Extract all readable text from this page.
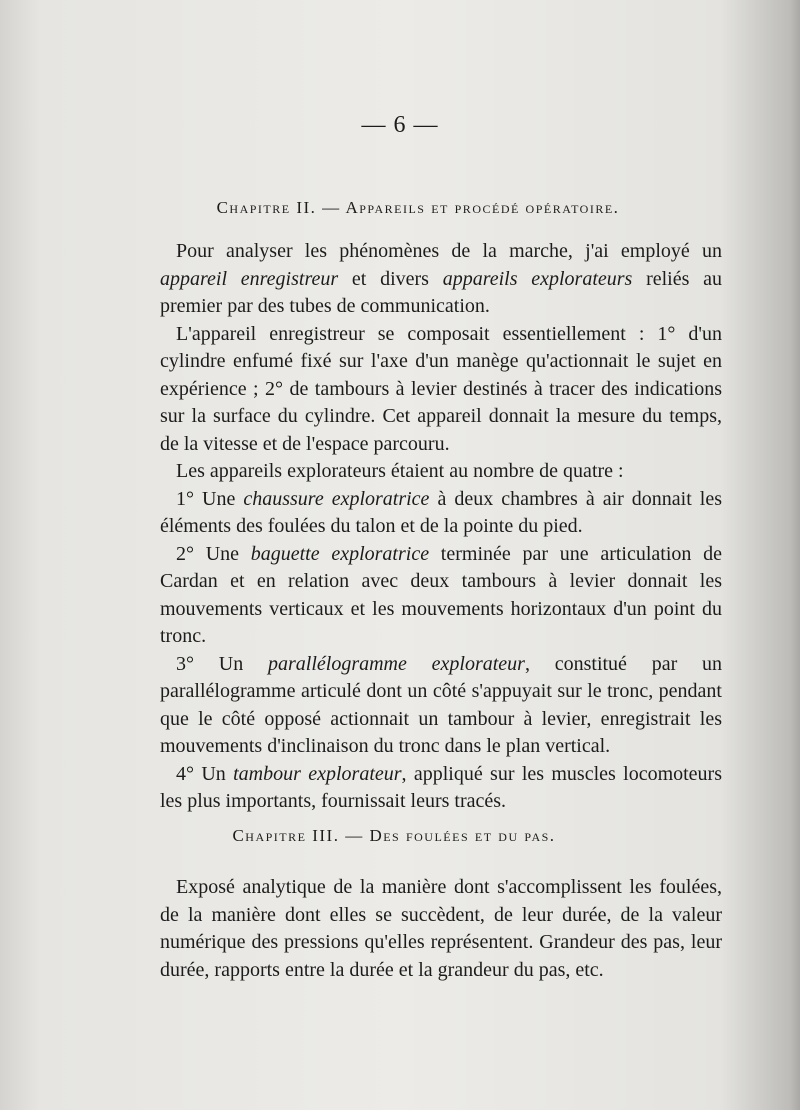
— 6 —
Chapitre II. — Appareils et procédé opératoire.

Pour analyser les phénomènes de la marche, j'ai employé un appareil enregistreur et divers appareils explorateurs reliés au premier par des tubes de communication.

L'appareil enregistreur se composait essentiellement : 1° d'un cylindre enfumé fixé sur l'axe d'un manège qu'actionnait le sujet en expérience ; 2° de tambours à levier destinés à tracer des indications sur la surface du cylindre. Cet appareil donnait la mesure du temps, de la vitesse et de l'espace parcouru.

Les appareils explorateurs étaient au nombre de quatre :

1° Une chaussure exploratrice à deux chambres à air donnait les éléments des foulées du talon et de la pointe du pied.

2° Une baguette exploratrice terminée par une articulation de Cardan et en relation avec deux tambours à levier donnait les mouvements verticaux et les mouvements horizontaux d'un point du tronc.

3° Un parallélogramme explorateur, constitué par un parallélogramme articulé dont un côté s'appuyait sur le tronc, pendant que le côté opposé actionnait un tambour à levier, enregistrait les mouvements d'inclinaison du tronc dans le plan vertical.

4° Un tambour explorateur, appliqué sur les muscles locomoteurs les plus importants, fournissait leurs tracés.

Chapitre III. — Des foulées et du pas.

Exposé analytique de la manière dont s'accomplissent les foulées, de la manière dont elles se succèdent, de leur durée, de la valeur numérique des pressions qu'elles représentent. Grandeur des pas, leur durée, rapports entre la durée et la grandeur du pas, etc.
